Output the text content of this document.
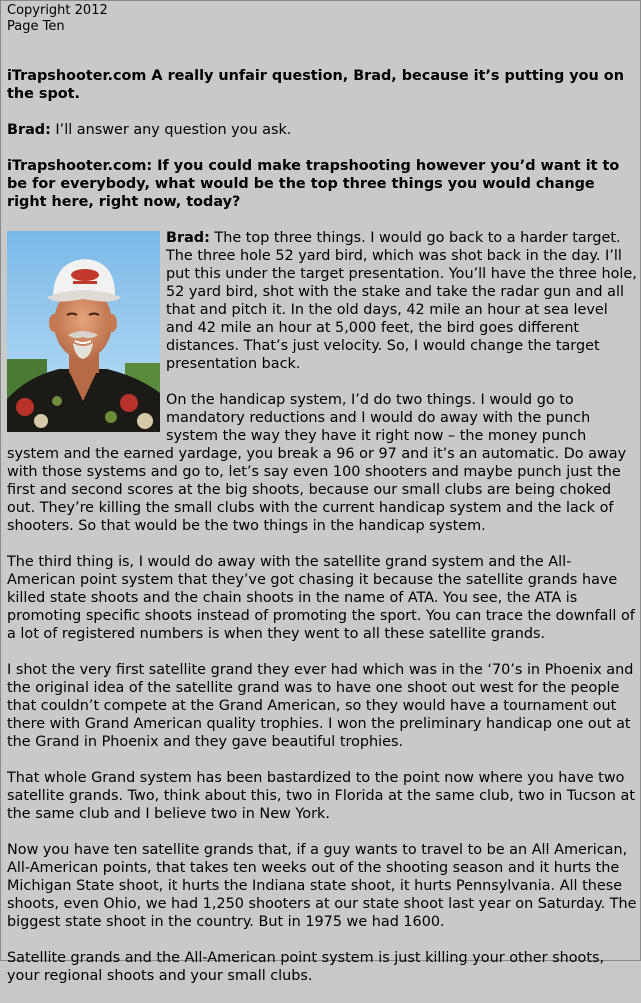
Copyright 2012
Page Ten

iTrapshooter.com A really unfair question, Brad, because it’s putting you on the spot.

Brad: I’ll answer any question you ask.

iTrapshooter.com: If you could make trapshooting however you’d want it to be for everybody, what would be the top three things you would change right here, right now, today?

Brad: The top three things. I would go back to a harder target. The three hole 52 yard bird, which was shot back in the day. I’ll put this under the target presentation. You’ll have the three hole, 52 yard bird, shot with the stake and take the radar gun and all that and pitch it. In the old days, 42 mile an hour at sea level and 42 mile an hour at 5,000 feet, the bird goes different distances. That’s just velocity. So, I would change the target presentation back.

On the handicap system, I’d do two things. I would go to mandatory reductions and I would do away with the punch system the way they have it right now – the money punch system and the earned yardage, you break a 96 or 97 and it’s an automatic. Do away with those systems and go to, let’s say even 100 shooters and maybe punch just the first and second scores at the big shoots, because our small clubs are being choked out. They’re killing the small clubs with the current handicap system and the lack of shooters. So that would be the two things in the handicap system.

The third thing is, I would do away with the satellite grand system and the All-American point system that they’ve got chasing it because the satellite grands have killed state shoots and the chain shoots in the name of ATA. You see, the ATA is promoting specific shoots instead of promoting the sport. You can trace the downfall of a lot of registered numbers is when they went to all these satellite grands.

I shot the very first satellite grand they ever had which was in the ‘70’s in Phoenix and the original idea of the satellite grand was to have one shoot out west for the people that couldn’t compete at the Grand American, so they would have a tournament out there with Grand American quality trophies. I won the preliminary handicap one out at the Grand in Phoenix and they gave beautiful trophies.

That whole Grand system has been bastardized to the point now where you have two satellite grands. Two, think about this, two in Florida at the same club, two in Tucson at the same club and I believe two in New York.

Now you have ten satellite grands that, if a guy wants to travel to be an All American, All-American points, that takes ten weeks out of the shooting season and it hurts the Michigan State shoot, it hurts the Indiana state shoot, it hurts Pennsylvania. All these shoots, even Ohio, we had 1,250 shooters at our state shoot last year on Saturday. The biggest state shoot in the country. But in 1975 we had 1600.

Satellite grands and the All-American point system is just killing your other shoots, your regional shoots and your small clubs.
